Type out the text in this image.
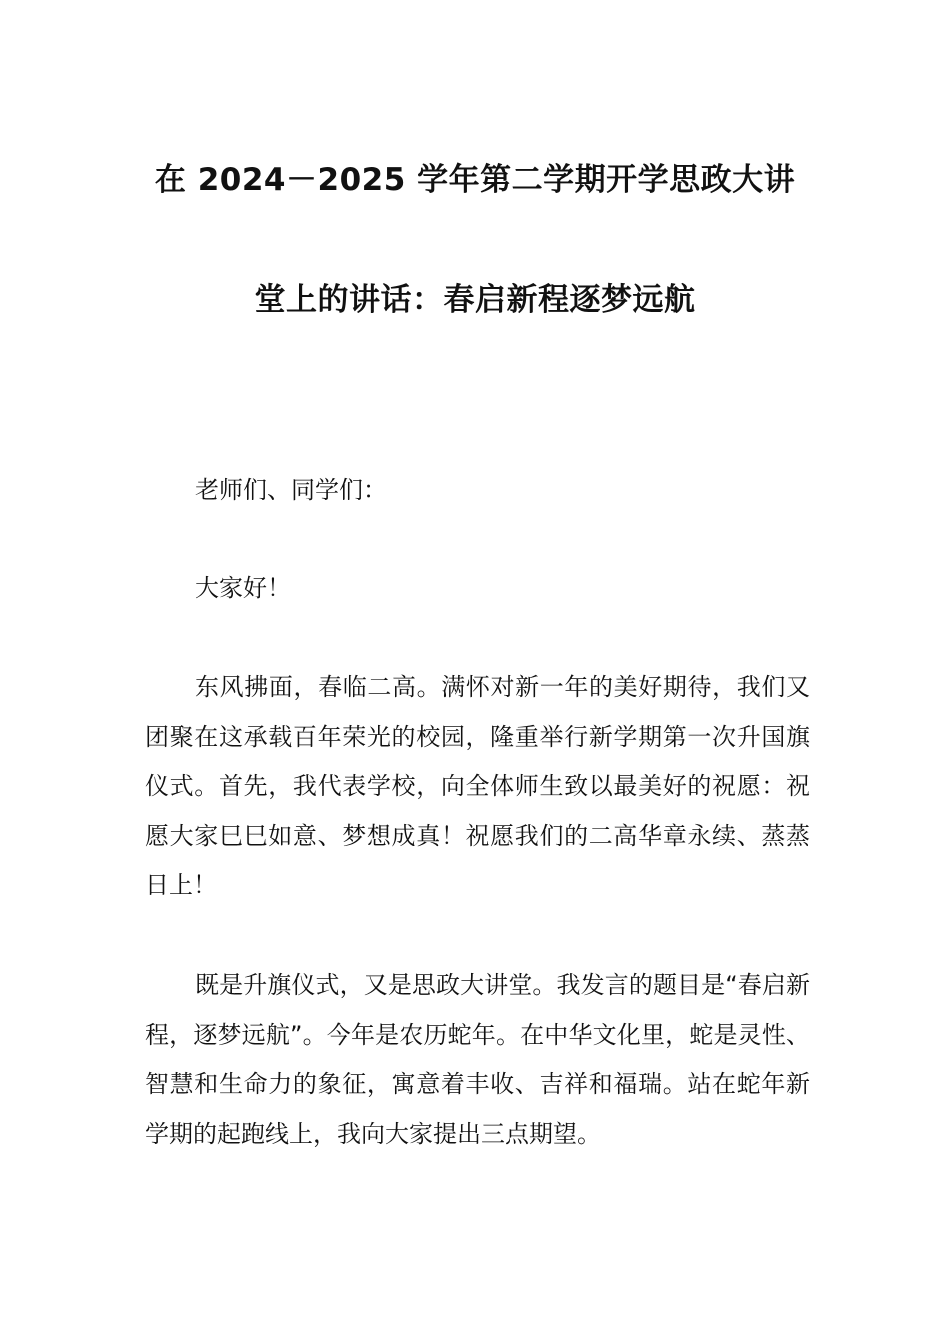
在 2024－2025 学年第二学期开学思政大讲
堂上的讲话：春启新程逐梦远航

老师们、同学们：

大家好！

东风拂面，春临二高。满怀对新一年的美好期待，我们又团聚在这承载百年荣光的校园，隆重举行新学期第一次升国旗仪式。首先，我代表学校，向全体师生致以最美好的祝愿：祝愿大家巳巳如意、梦想成真！祝愿我们的二高华章永续、蒸蒸日上！

既是升旗仪式，又是思政大讲堂。我发言的题目是“春启新程，逐梦远航”。今年是农历蛇年。在中华文化里，蛇是灵性、智慧和生命力的象征，寓意着丰收、吉祥和福瑞。站在蛇年新学期的起跑线上，我向大家提出三点期望。
